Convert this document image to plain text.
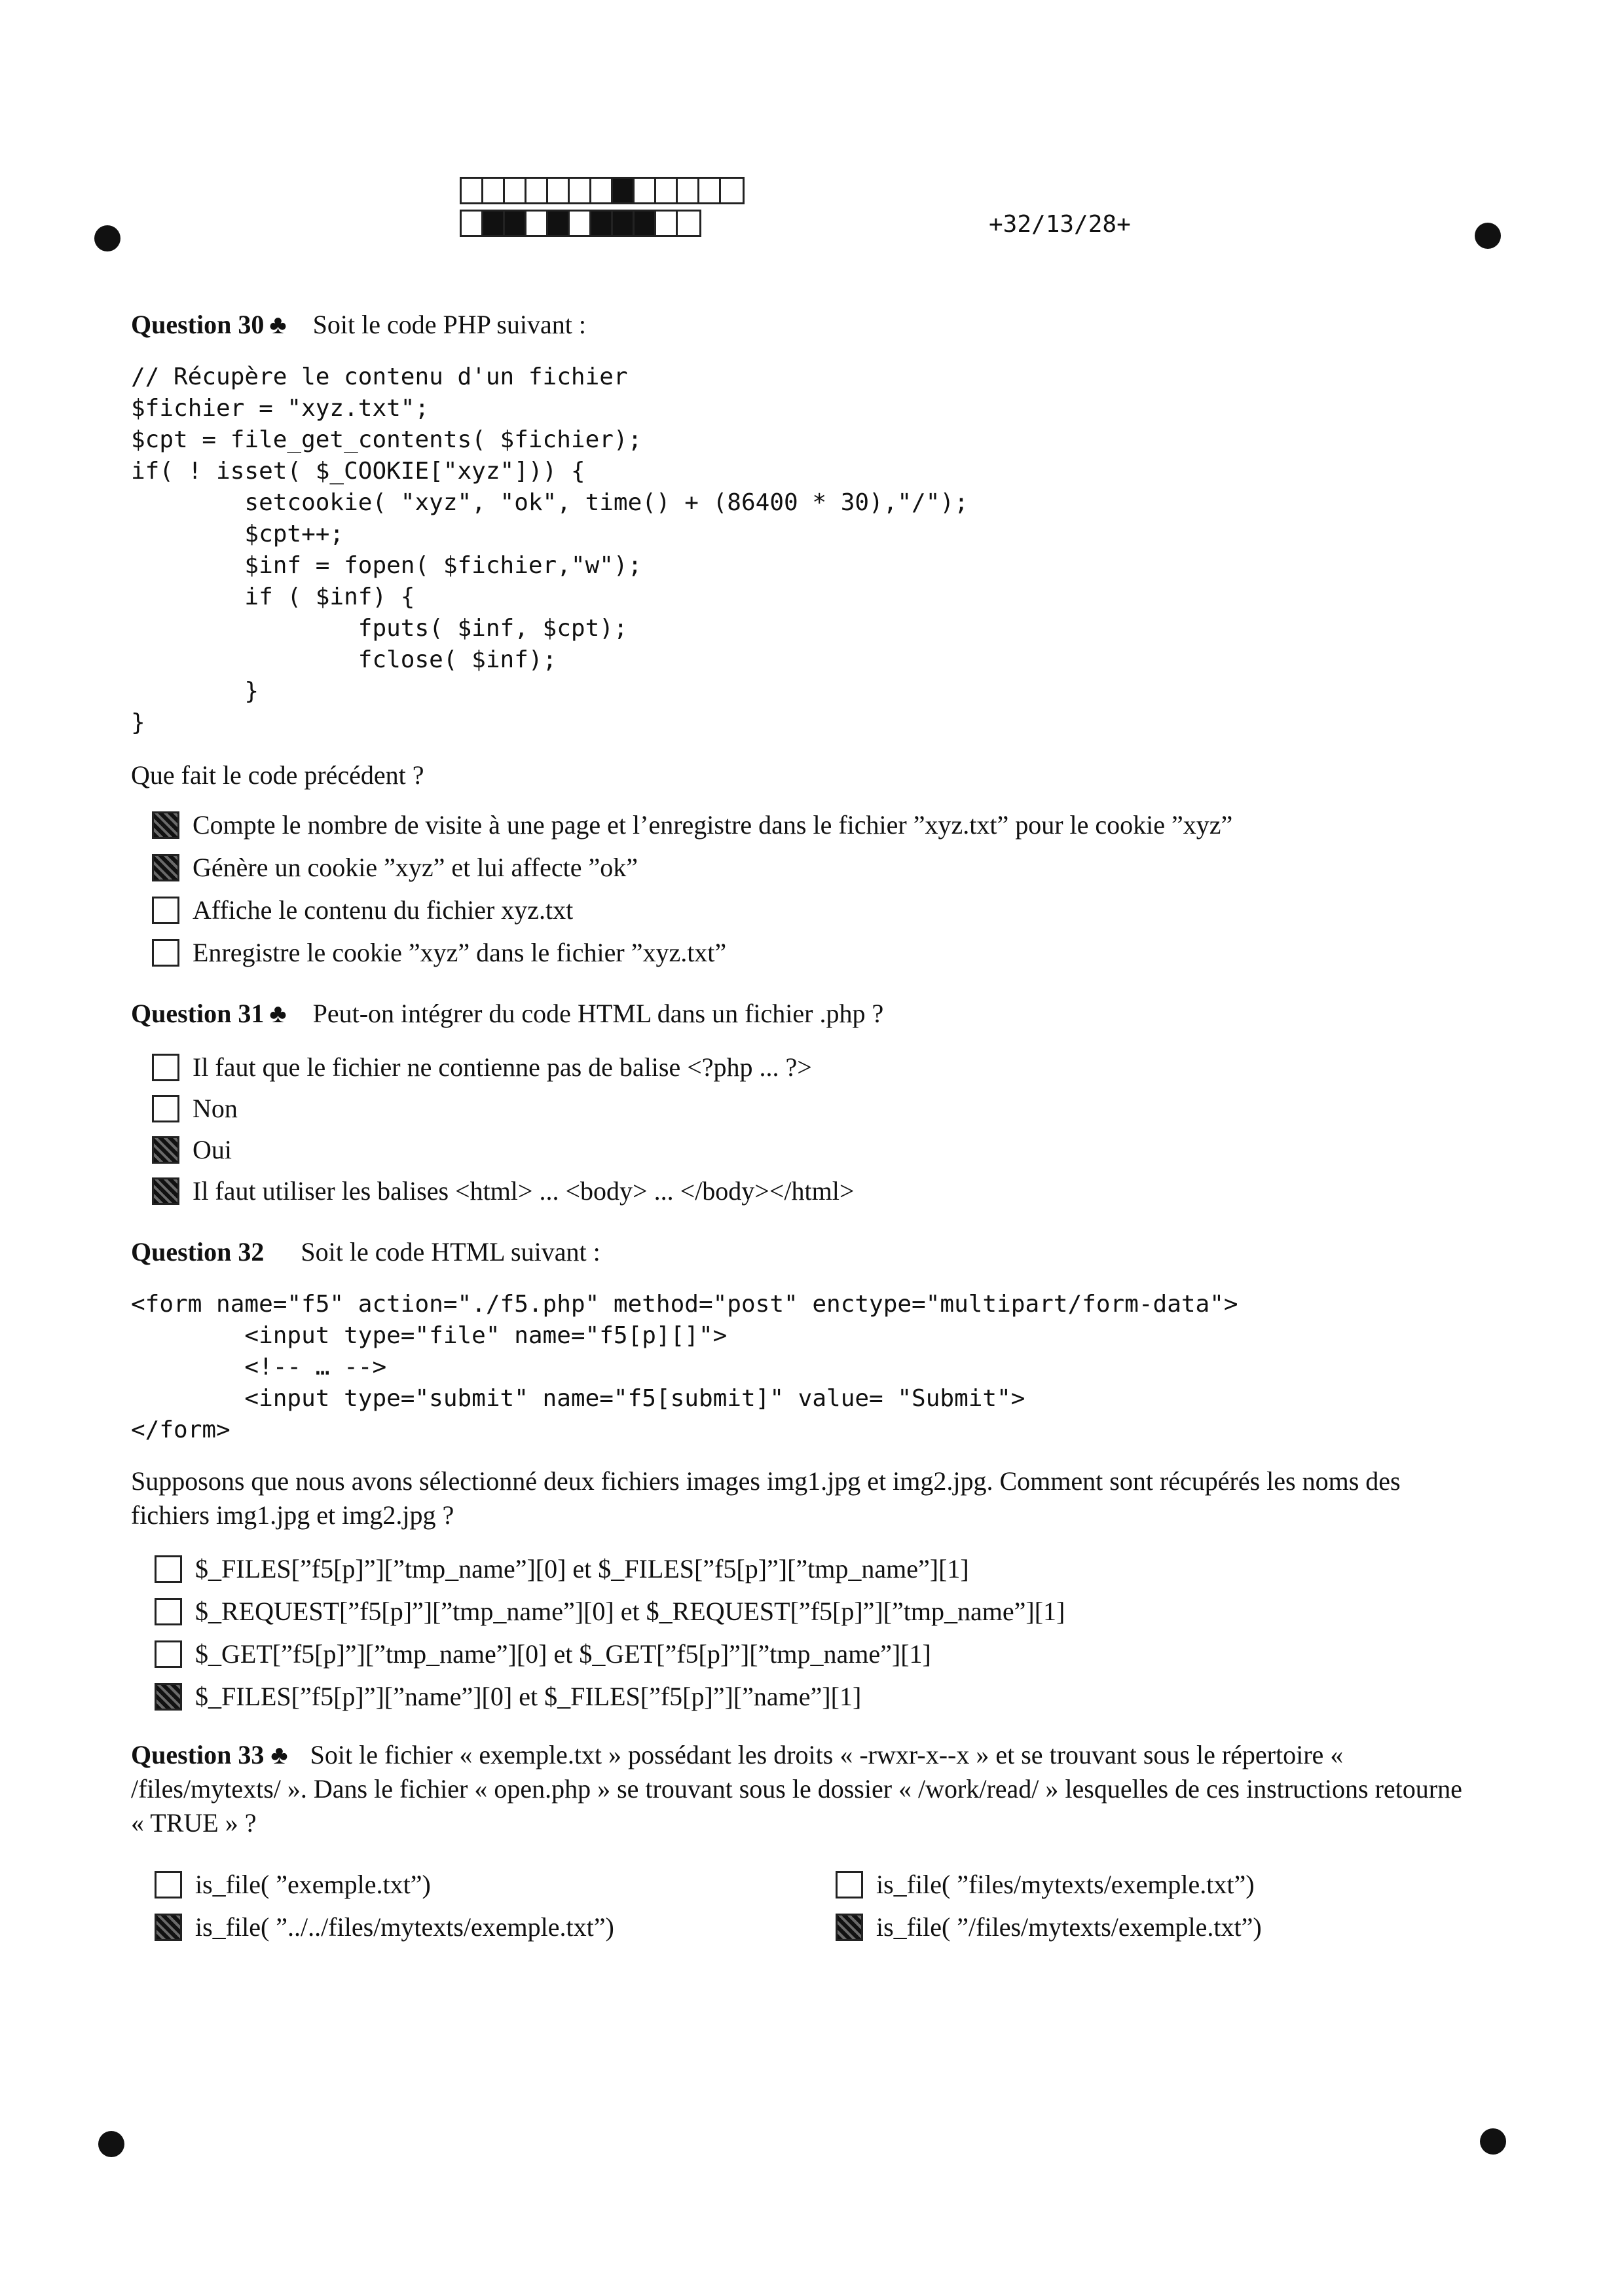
+32/13/28+
Question 30 ♣ Soit le code PHP suivant :
// Récupère le contenu d'un fichier
$fichier = "xyz.txt";
$cpt = file_get_contents( $fichier);
if( ! isset( $_COOKIE["xyz"])) {
setcookie( "xyz", "ok", time() + (86400 * 30),"/");
$cpt++;
$inf = fopen( $fichier,"w");
if ( $inf) {
fputs( $inf, $cpt);
fclose( $inf);
}
}
Que fait le code précédent ?
Compte le nombre de visite à une page et l’enregistre dans le fichier ”xyz.txt” pour le cookie ”xyz”
Génère un cookie ”xyz” et lui affecte ”ok”
Affiche le contenu du fichier xyz.txt
Enregistre le cookie ”xyz” dans le fichier ”xyz.txt”
Question 31 ♣ Peut-on intégrer du code HTML dans un fichier .php ?
Il faut que le fichier ne contienne pas de balise <?php ... ?>
Non
Oui
Il faut utiliser les balises <html> ... <body> ... </body></html>
Question 32 Soit le code HTML suivant :
<form name="f5" action="./f5.php" method="post" enctype="multipart/form-data">
<input type="file" name="f5[p][]">
<!-- … -->
<input type="submit" name="f5[submit]" value= "Submit">
</form>
Supposons que nous avons sélectionné deux fichiers images img1.jpg et img2.jpg. Comment sont récupérés les noms des fichiers img1.jpg et img2.jpg ?
$_FILES[”f5[p]”][”tmp_name”][0] et $_FILES[”f5[p]”][”tmp_name”][1]
$_REQUEST[”f5[p]”][”tmp_name”][0] et $_REQUEST[”f5[p]”][”tmp_name”][1]
$_GET[”f5[p]”][”tmp_name”][0] et $_GET[”f5[p]”][”tmp_name”][1]
$_FILES[”f5[p]”][”name”][0] et $_FILES[”f5[p]”][”name”][1]
Question 33 ♣ Soit le fichier « exemple.txt » possédant les droits « -rwxr-x--x » et se trouvant sous le répertoire « /files/mytexts/ ». Dans le fichier « open.php » se trouvant sous le dossier « /work/read/ » lesquelles de ces instructions retourne « TRUE » ?
is_file( ”exemple.txt”)	is_file( ”files/mytexts/exemple.txt”)
is_file( ”../../files/mytexts/exemple.txt”)	is_file( ”/files/mytexts/exemple.txt”)
